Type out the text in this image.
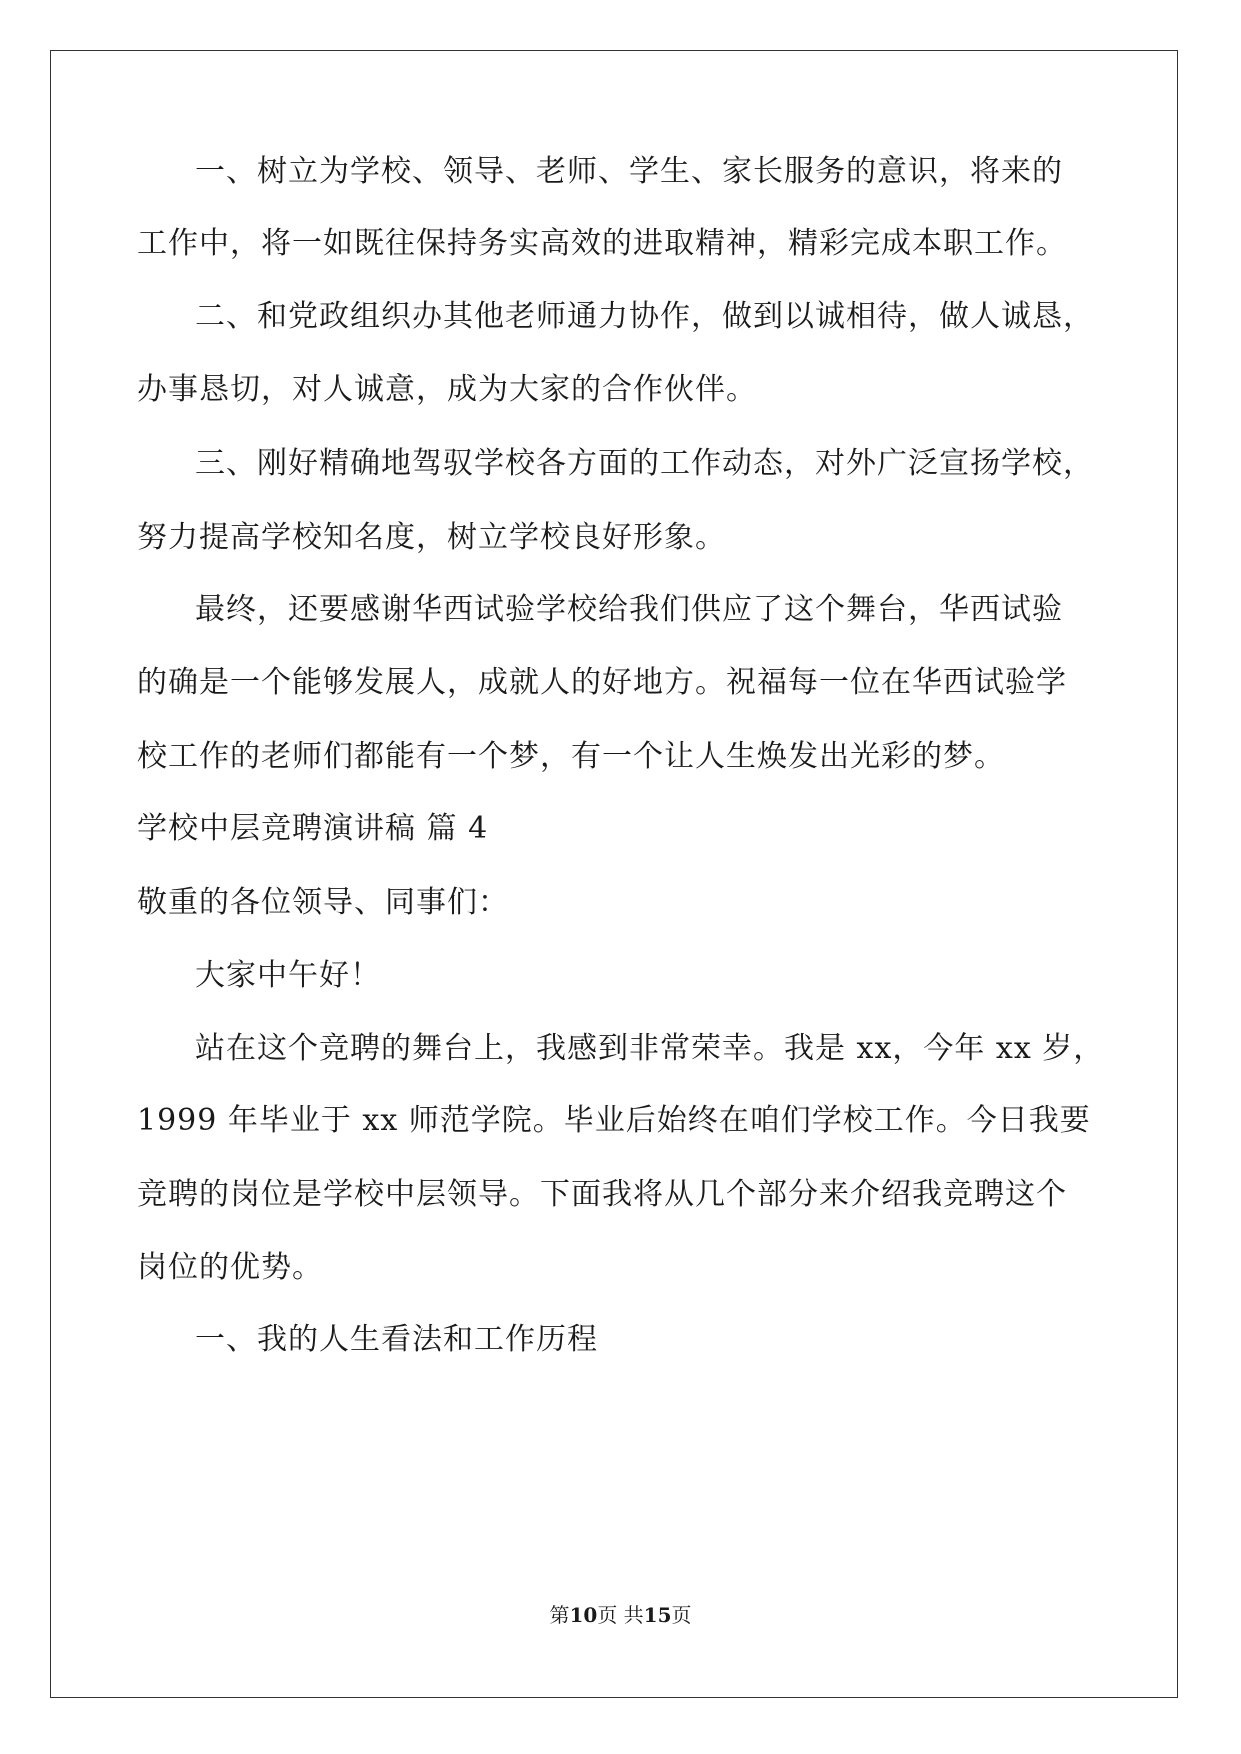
一、树立为学校、领导、老师、学生、家长服务的意识，将来的
工作中，将一如既往保持务实高效的进取精神，精彩完成本职工作。
二、和党政组织办其他老师通力协作，做到以诚相待，做人诚恳，
办事恳切，对人诚意，成为大家的合作伙伴。
三、刚好精确地驾驭学校各方面的工作动态，对外广泛宣扬学校，
努力提高学校知名度，树立学校良好形象。
最终，还要感谢华西试验学校给我们供应了这个舞台，华西试验
的确是一个能够发展人，成就人的好地方。祝福每一位在华西试验学
校工作的老师们都能有一个梦，有一个让人生焕发出光彩的梦。
学校中层竞聘演讲稿 篇 4
敬重的各位领导、同事们：
大家中午好！
站在这个竞聘的舞台上，我感到非常荣幸。我是 xx，今年 xx 岁，
1999 年毕业于 xx 师范学院。毕业后始终在咱们学校工作。今日我要
竞聘的岗位是学校中层领导。下面我将从几个部分来介绍我竞聘这个
岗位的优势。
一、我的人生看法和工作历程
第10页 共15页
